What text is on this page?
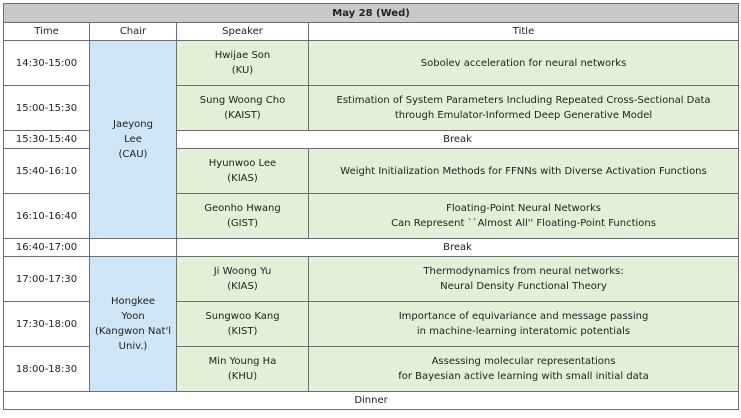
May 28 (Wed)			
Time	Chair	Speaker	Title
14:30-15:00	Jaeyong
Lee
(CAU)	Hwijae Son
(KU)	Sobolev acceleration for neural networks

15:00-15:30		Sung Woong Cho
(KAIST)	Estimation of System Parameters Including Repeated Cross-Sectional Data
through Emulator-Informed Deep Generative Model

15:30-15:40		Break	
15:40-16:10		Hyunwoo Lee
(KIAS)	Weight Initialization Methods for FFNNs with Diverse Activation Functions

16:10-16:40		Geonho Hwang
(GIST)	Floating-Point Neural Networks
Can Represent ``Almost All'' Floating-Point Functions

16:40-17:00		Break	
17:00-17:30	Hongkee
Yoon
(Kangwon Nat'l
Univ.)	Ji Woong Yu
(KIAS)	Thermodynamics from neural networks:
Neural Density Functional Theory

17:30-18:00		Sungwoo Kang
(KIST)	Importance of equivariance and message passing
in machine-learning interatomic potentials

18:00-18:30		Min Young Ha
(KHU)	Assessing molecular representations
for Bayesian active learning with small initial data

Dinner			
